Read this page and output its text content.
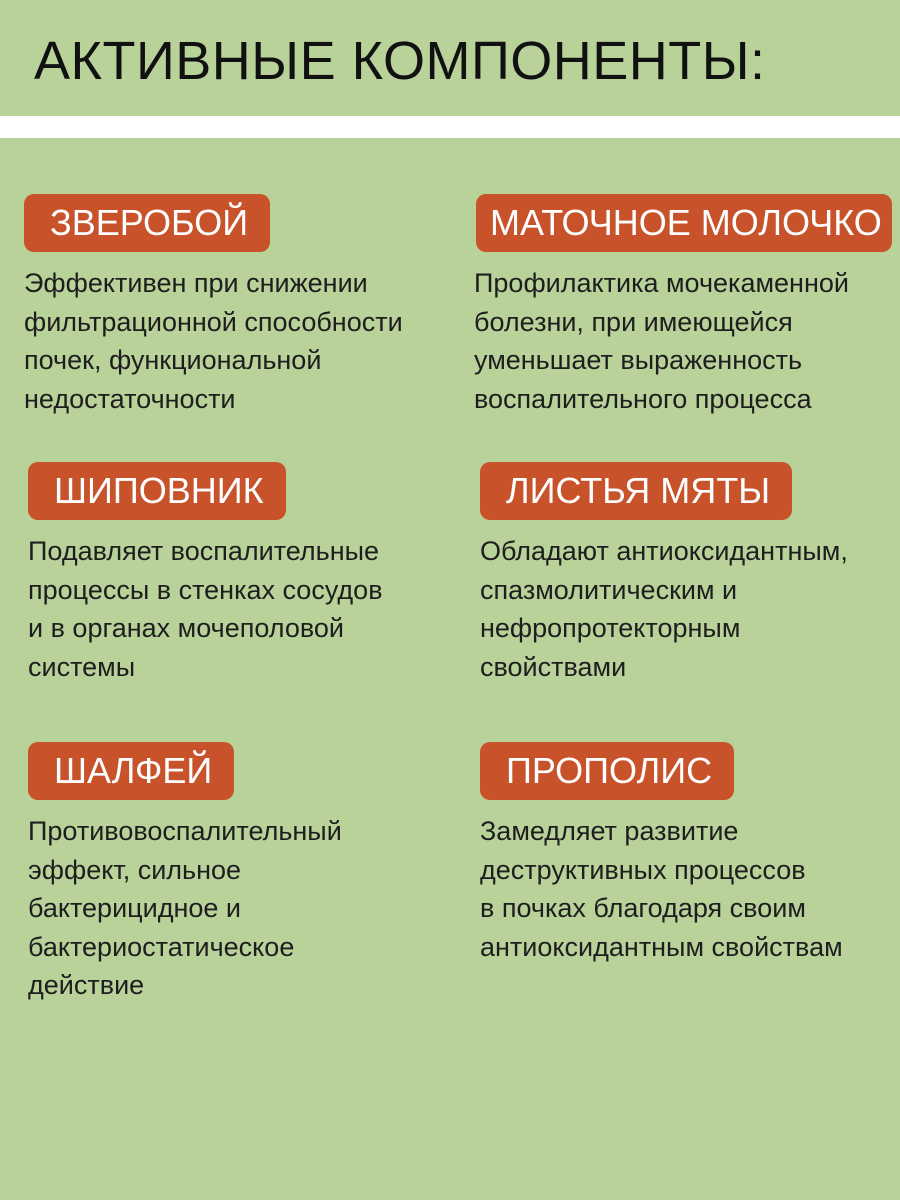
АКТИВНЫЕ КОМПОНЕНТЫ:
ЗВЕРОБОЙ
Эффективен при снижении
фильтрационной способности
почек, функциональной
недостаточности
МАТОЧНОЕ МОЛОЧКО
Профилактика мочекаменной
болезни, при имеющейся
уменьшает выраженность
воспалительного процесса
ШИПОВНИК
Подавляет воспалительные
процессы в стенках сосудов
и в органах мочеполовой
системы
ЛИСТЬЯ МЯТЫ
Обладают антиоксидантным,
спазмолитическим и
нефропротекторным
свойствами
ШАЛФЕЙ
Противовоспалительный
эффект, сильное
бактерицидное и
бактериостатическое
действие
ПРОПОЛИС
Замедляет развитие
деструктивных процессов
в почках благодаря своим
антиоксидантным свойствам
